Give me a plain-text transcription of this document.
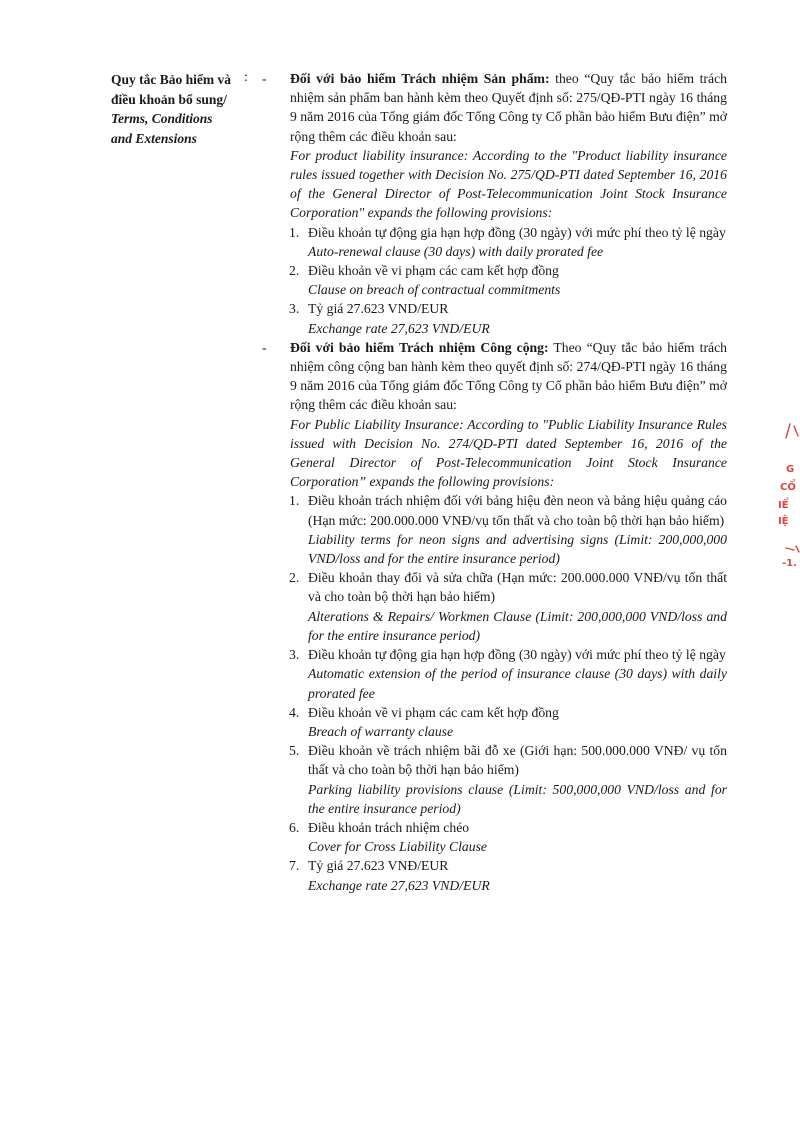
Quy tắc Bảo hiểm và điều khoản bổ sung/
Terms, Conditions and Extensions
: - Đối với bảo hiểm Trách nhiệm Sản phẩm: theo “Quy tắc bảo hiểm trách nhiệm sản phẩm ban hành kèm theo Quyết định số: 275/QĐ-PTI ngày 16 tháng 9 năm 2016 của Tổng giám đốc Tổng Công ty Cổ phần bảo hiểm Bưu điện” mở rộng thêm các điều khoản sau:
For product liability insurance: According to the "Product liability insurance rules issued together with Decision No. 275/QD-PTI dated September 16, 2016 of the General Director of Post-Telecommunication Joint Stock Insurance Corporation" expands the following provisions:
1. Điều khoản tự động gia hạn hợp đồng (30 ngày) với mức phí theo tỷ lệ ngày
Auto-renewal clause (30 days) with daily prorated fee
2. Điều khoản về vi phạm các cam kết hợp đồng
Clause on breach of contractual commitments
3. Tỷ giá 27.623 VND/EUR
Exchange rate 27,623 VND/EUR
- Đối với bảo hiểm Trách nhiệm Công cộng: Theo “Quy tắc bảo hiểm trách nhiệm công cộng ban hành kèm theo quyết định số: 274/QĐ-PTI ngày 16 tháng 9 năm 2016 của Tổng giám đốc Tổng Công ty Cổ phần bảo hiểm Bưu điện” mở rộng thêm các điều khoản sau:
For Public Liability Insurance: According to "Public Liability Insurance Rules issued with Decision No. 274/QD-PTI dated September 16, 2016 of the General Director of Post-Telecommunication Joint Stock Insurance Corporation” expands the following provisions:
1. Điều khoản trách nhiệm đối với bảng hiệu đèn neon và bảng hiệu quảng cáo (Hạn mức: 200.000.000 VNĐ/vụ tổn thất và cho toàn bộ thời hạn bảo hiểm)
Liability terms for neon signs and advertising signs (Limit: 200,000,000 VND/loss and for the entire insurance period)
2. Điều khoản thay đổi và sửa chữa (Hạn mức: 200.000.000 VNĐ/vụ tổn thất và cho toàn bộ thời hạn bảo hiểm)
Alterations & Repairs/ Workmen Clause (Limit: 200,000,000 VND/loss and for the entire insurance period)
3. Điều khoản tự động gia hạn hợp đồng (30 ngày) với mức phí theo tỷ lệ ngày
Automatic extension of the period of insurance clause (30 days) with daily prorated fee
4. Điều khoản về vi phạm các cam kết hợp đồng
Breach of warranty clause
5. Điều khoản về trách nhiệm bãi đỗ xe (Giới hạn: 500.000.000 VNĐ/ vụ tổn thất và cho toàn bộ thời hạn bảo hiểm)
Parking liability provisions clause (Limit: 500,000,000 VND/loss and for the entire insurance period)
6. Điều khoản trách nhiệm chéo
Cover for Cross Liability Clause
7. Tỷ giá 27.623 VNĐ/EUR
Exchange rate 27,623 VND/EUR
G
CỔ
IỂ
IỆ
-1.
